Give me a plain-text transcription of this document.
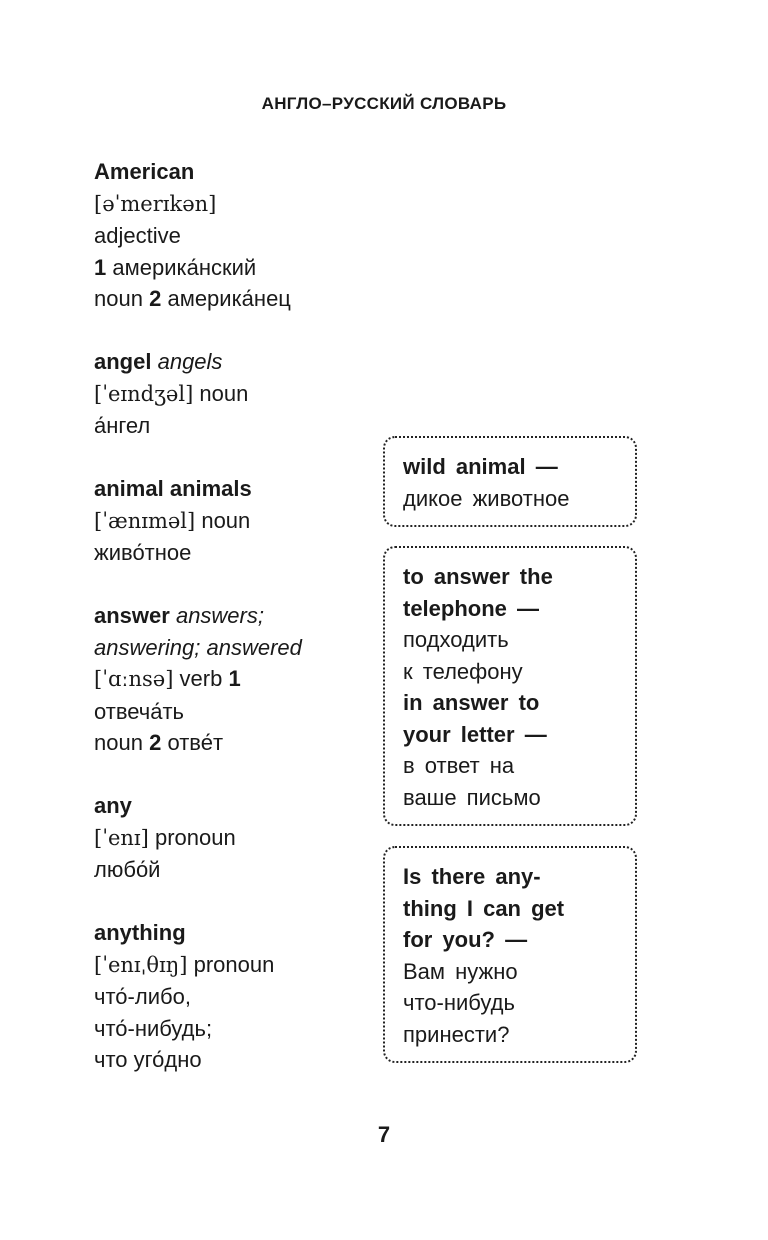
АНГЛО–РУССКИЙ СЛОВАРЬ
American
[əˈmerɪkən]
adjective
1 америка́нский
noun 2 америка́нец
angel angels
[ˈeɪndʒəl] noun
а́нгел
animal animals
[ˈænɪməl] noun
живо́тное
answer answers;
answering; answered
[ˈɑːnsə] verb 1
отвеча́ть
noun 2 отве́т
any
[ˈenɪ] pronoun
любо́й
anything
[ˈenɪˌθɪŋ] pronoun
что́-либо,
что́-нибудь;
что уго́дно
wild animal —
дикое животное
to answer the
telephone —
подходить
к телефону
in answer to
your letter —
в ответ на
ваше письмо
Is there any-
thing I can get
for you? —
Вам нужно
что-нибудь
принести?
7
